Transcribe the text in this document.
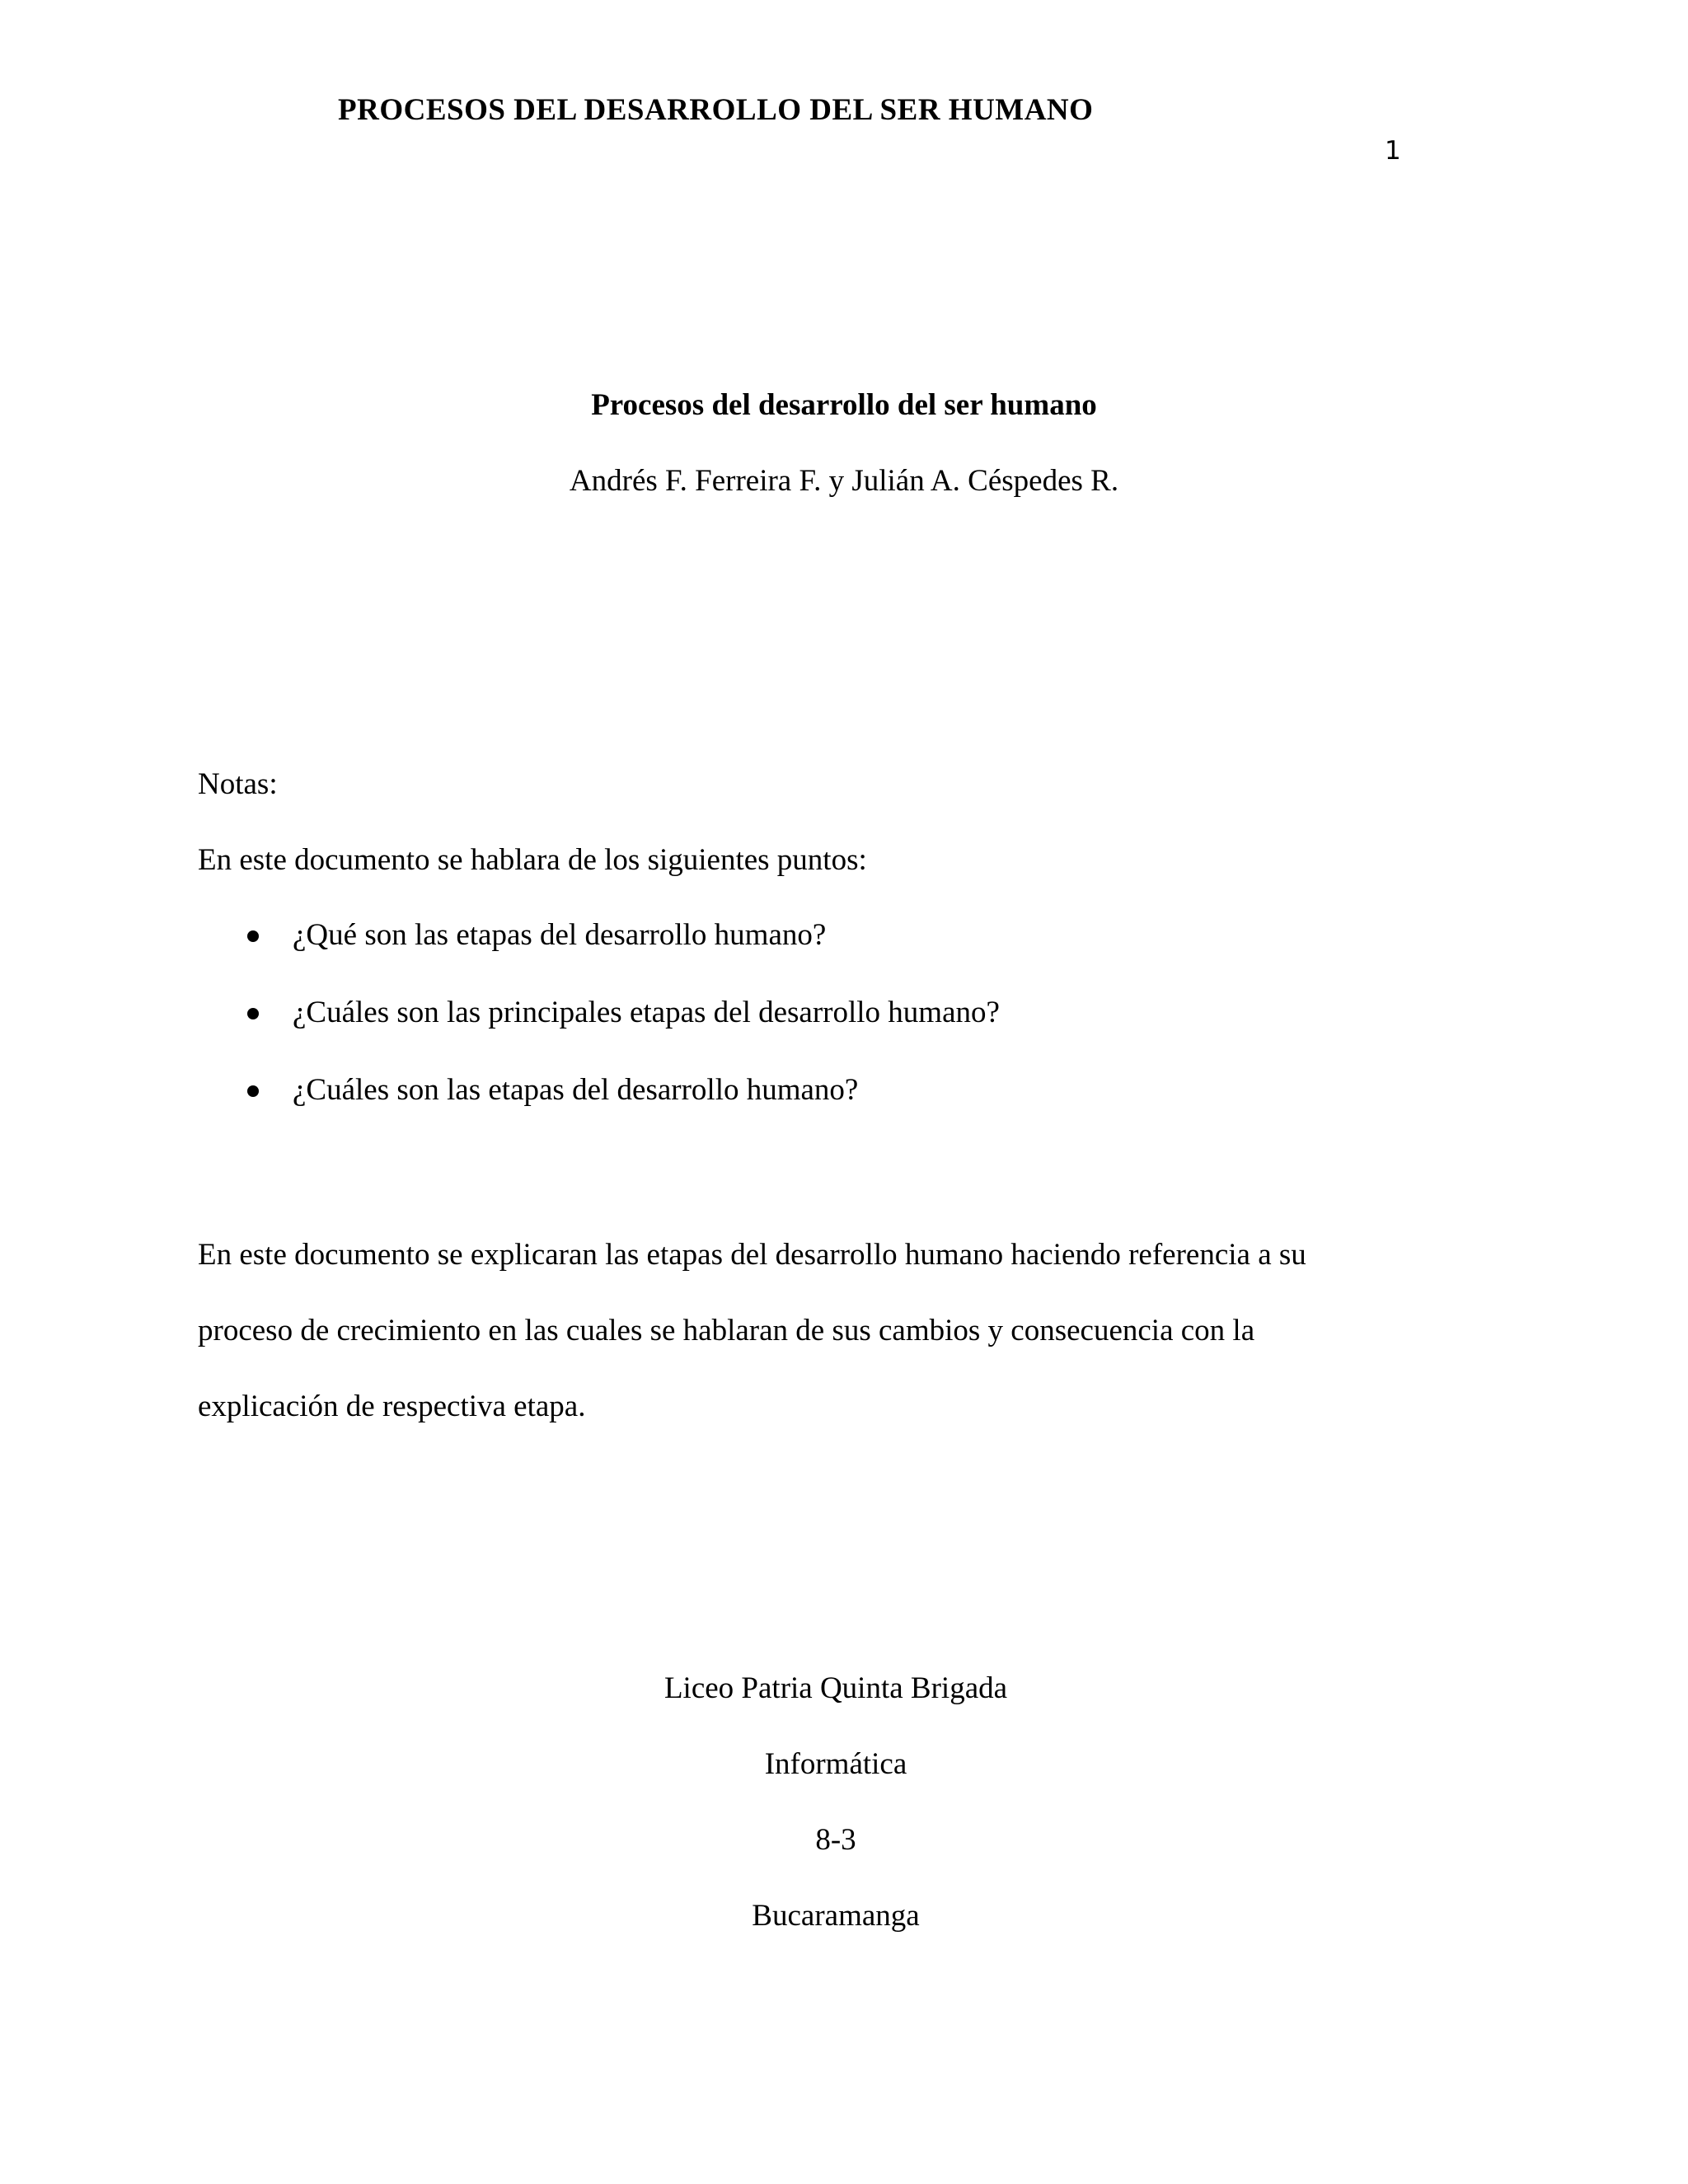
PROCESOS DEL DESARROLLO DEL SER HUMANO
1
Procesos del desarrollo del ser humano
Andrés F. Ferreira F. y Julián A. Céspedes R.
Notas:
En este documento se hablara de los siguientes puntos:
¿Qué son las etapas del desarrollo humano?
¿Cuáles son las principales etapas del desarrollo humano?
¿Cuáles son las etapas del desarrollo humano?
En este documento se explicaran las etapas del desarrollo humano haciendo referencia a su
proceso de crecimiento en las cuales se hablaran de sus cambios y consecuencia con la
explicación de respectiva etapa.
Liceo Patria Quinta Brigada
Informática
8-3
Bucaramanga
